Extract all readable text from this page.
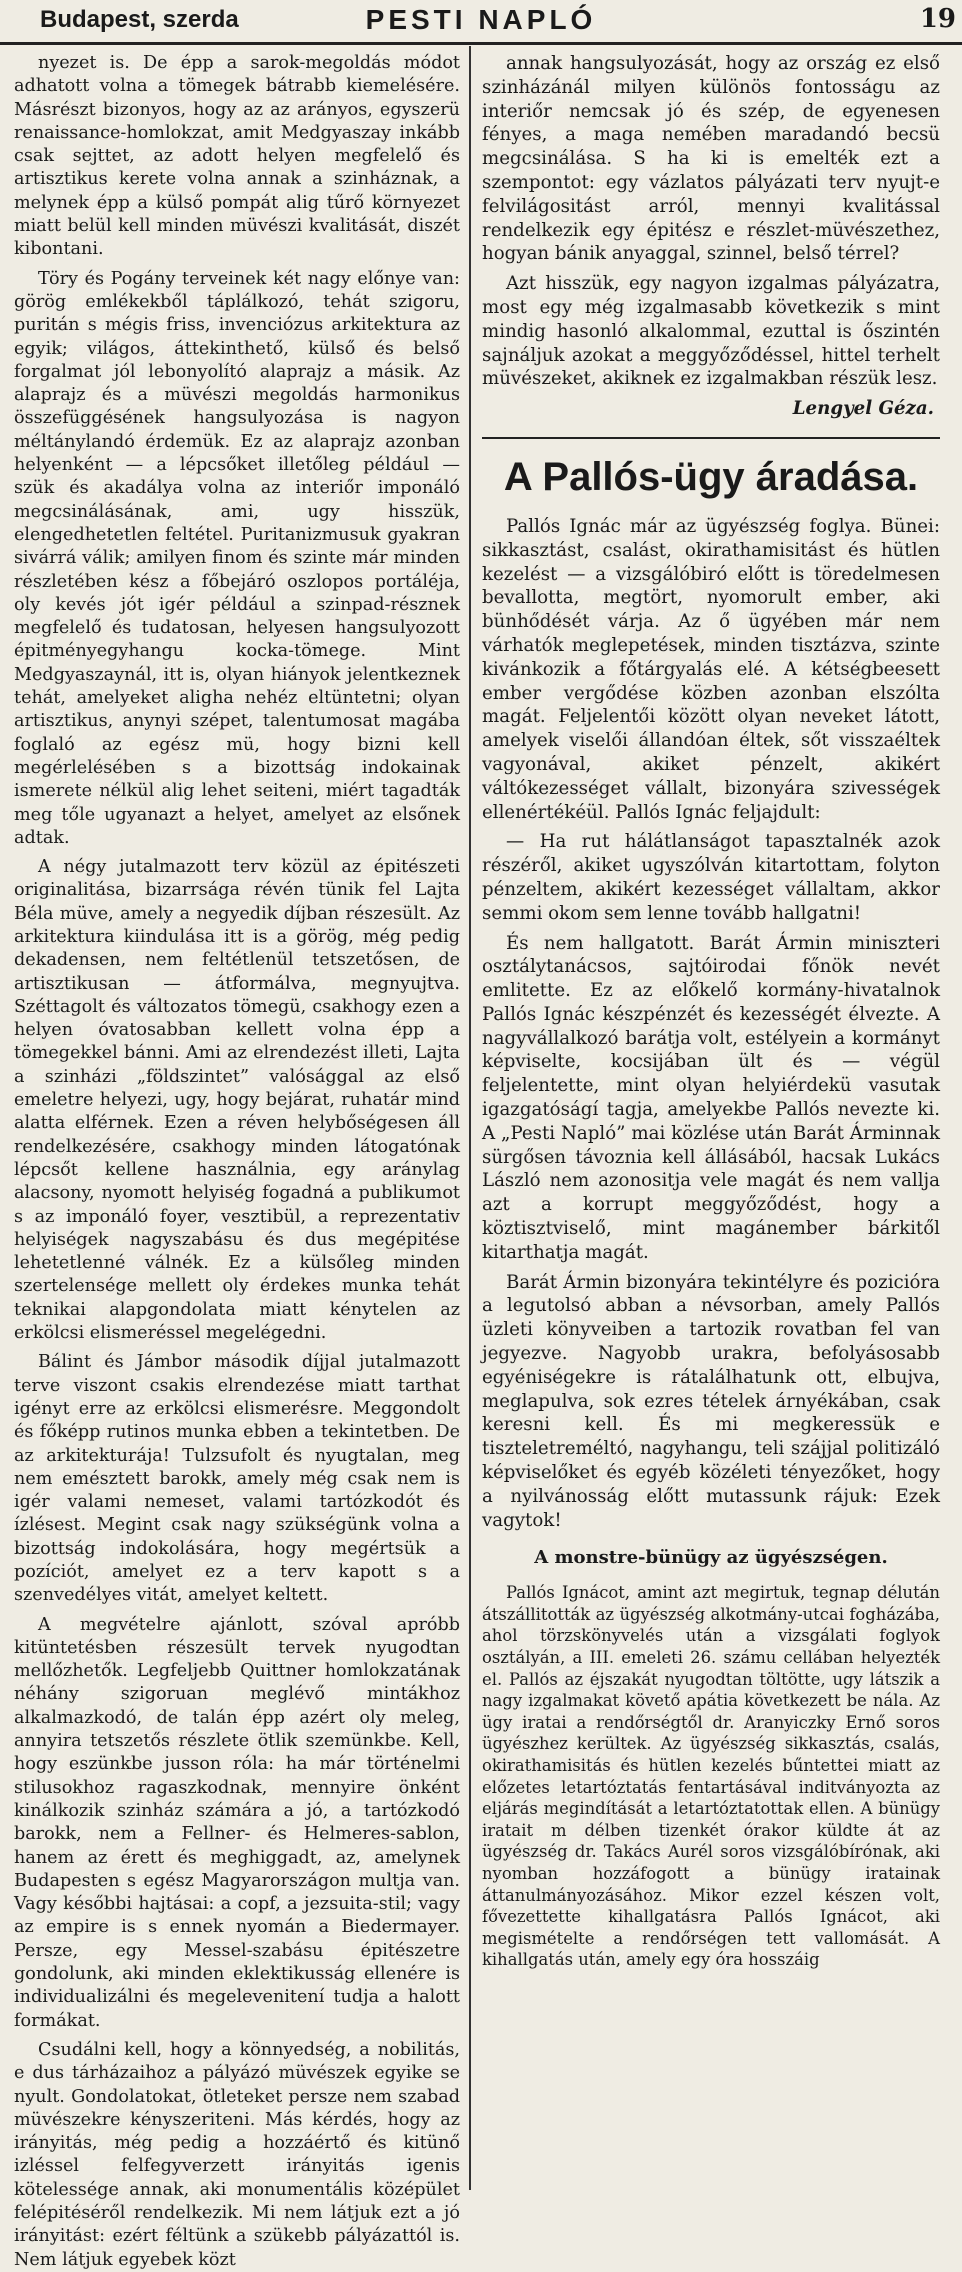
Budapest, szerda	PESTI NAPLÓ	19

nyezet is. De épp a sarok-megoldás módot adhatott volna a tömegek bátrabb kiemelésére. Másrészt bizonyos, hogy az az arányos, egyszerü renaissance-homlokzat, amit Medgyaszay inkább csak sejttet, az adott helyen megfelelő és artisztikus kerete volna annak a szinháznak, a melynek épp a külső pompát alig tűrő környezet miatt belül kell minden müvészi kvalitását, diszét kibontani.

Töry és Pogány terveinek két nagy előnye van: görög emlékekből táplálkozó, tehát szigoru, puritán s mégis friss, invenciózus arkitektura az egyik; világos, áttekinthető, külső és belső forgalmat jól lebonyolító alaprajz a másik. Az alaprajz és a müvészi megoldás harmonikus összefüggésének hangsulyozása is nagyon méltánylandó érdemük. Ez az alaprajz azonban helyenként — a lépcsőket illetőleg például — szük és akadálya volna az interiőr imponáló megcsinálásának, ami, ugy hisszük, elengedhetetlen feltétel. Puritanizmusuk gyakran sivárrá válik; amilyen finom és szinte már minden részletében kész a főbejáró oszlopos portáléja, oly kevés jót igér például a szinpad-résznek megfelelő és tudatosan, helyesen hangsulyozott épitményegyhangu kocka-tömege. Mint Medgyaszaynál, itt is, olyan hiányok jelentkeznek tehát, amelyeket aligha nehéz eltüntetni; olyan artisztikus, anynyi szépet, talentumosat magába foglaló az egész mü, hogy bizni kell megérlelésében s a bizottság indokainak ismerete nélkül alig lehet seiteni, miért tagadták meg tőle ugyanazt a helyet, amelyet az elsőnek adtak.

A négy jutalmazott terv közül az épitészeti originalitása, bizarrsága révén tünik fel Lajta Béla müve, amely a negyedik díjban részesült. Az arkitektura kiindulása itt is a görög, még pedig dekadensen, nem feltétlenül tetszetősen, de artisztikusan — átformálva, megnyujtva. Széttagolt és változatos tömegü, csakhogy ezen a helyen óvatosabban kellett volna épp a tömegekkel bánni. Ami az elrendezést illeti, Lajta a szinházi „földszintet” valósággal az első emeletre helyezi, ugy, hogy bejárat, ruhatár mind alatta elférnek. Ezen a réven helybőségesen áll rendelkezésére, csakhogy minden látogatónak lépcsőt kellene használnia, egy aránylag alacsony, nyomott helyiség fogadná a publikumot s az imponáló foyer, vesztibül, a reprezentativ helyiségek nagyszabásu és dus megépitése lehetetlenné válnék. Ez a külsőleg minden szertelensége mellett oly érdekes munka tehát teknikai alapgondolata miatt kénytelen az erkölcsi elismeréssel megelégedni.

Bálint és Jámbor második díjjal jutalmazott terve viszont csakis elrendezése miatt tarthat igényt erre az erkölcsi elismerésre. Meggondolt és főképp rutinos munka ebben a tekintetben. De az arkitekturája! Tulzsufolt és nyugtalan, meg nem emésztett barokk, amely még csak nem is igér valami nemeset, valami tartózkodót és ízlésest. Megint csak nagy szükségünk volna a bizottság indokolására, hogy megértsük a pozíciót, amelyet ez a terv kapott s a szenvedélyes vitát, amelyet keltett.

A megvételre ajánlott, szóval apróbb kitüntetésben részesült tervek nyugodtan mellőzhetők. Legfeljebb Quittner homlokzatának néhány szigoruan meglévő mintákhoz alkalmazkodó, de talán épp azért oly meleg, annyira tetszetős részlete ötlik szemünkbe. Kell, hogy eszünkbe jusson róla: ha már történelmi stilusokhoz ragaszkodnak, mennyire önként kinálkozik szinház számára a jó, a tartózkodó barokk, nem a Fellner- és Helmeres-sablon, hanem az érett és meghiggadt, az, amelynek Budapesten s egész Magyarországon multja van. Vagy későbbi hajtásai: a copf, a jezsuita-stil; vagy az empire is s ennek nyomán a Biedermayer. Persze, egy Messel-szabásu épitészetre gondolunk, aki minden eklektikusság ellenére is individualizálni és megelevenitení tudja a halott formákat.

Csudálni kell, hogy a könnyedség, a nobilitás, e dus tárházaihoz a pályázó müvészek egyike se nyult. Gondolatokat, ötleteket persze nem szabad müvészekre kényszeriteni. Más kérdés, hogy az irányitás, még pedig a hozzáértő és kitünő izléssel felfegyverzett irányitás igenis kötelessége annak, aki monumentális középület felépitéséről rendelkezik. Mi nem látjuk ezt a jó irányitást: ezért féltünk a szükebb pályázattól is. Nem látjuk egyebek közt

annak hangsulyozását, hogy az ország ez első szinházánál milyen különös fontosságu az interiőr nemcsak jó és szép, de egyenesen fényes, a maga nemében maradandó becsü megcsinálása. S ha ki is emelték ezt a szempontot: egy vázlatos pályázati terv nyujt-e felvilágositást arról, mennyi kvalitással rendelkezik egy épitész e részlet-müvészethez, hogyan bánik anyaggal, szinnel, belső térrel?

Azt hisszük, egy nagyon izgalmas pályázatra, most egy még izgalmasabb következik s mint mindig hasonló alkalommal, ezuttal is őszintén sajnáljuk azokat a meggyőződéssel, hittel terhelt müvészeket, akiknek ez izgalmakban részük lesz.

Lengyel Géza.
A Pallós-ügy áradása.

Pallós Ignác már az ügyészség foglya. Bünei: sikkasztást, csalást, okirathamisitást és hütlen kezelést — a vizsgálóbiró előtt is töredelmesen bevallotta, megtört, nyomorult ember, aki bünhődését várja. Az ő ügyében már nem várhatók meglepetések, minden tisztázva, szinte kivánkozik a főtárgyalás elé. A kétségbeesett ember vergődése közben azonban elszólta magát. Feljelentői között olyan neveket látott, amelyek viselői állandóan éltek, sőt visszaéltek vagyonával, akiket pénzelt, akikért váltókezességet vállalt, bizonyára szivességek ellenértékéül. Pallós Ignác feljajdult:

— Ha rut hálátlanságot tapasztalnék azok részéről, akiket ugyszólván kitartottam, folyton pénzeltem, akikért kezességet vállaltam, akkor semmi okom sem lenne tovább hallgatni!

És nem hallgatott. Barát Ármin miniszteri osztálytanácsos, sajtóirodai főnök nevét emlitette. Ez az előkelő kormány-hivatalnok Pallós Ignác készpénzét és kezességét élvezte. A nagyvállalkozó barátja volt, estélyein a kormányt képviselte, kocsijában ült és — végül feljelentette, mint olyan helyiérdekü vasutak igazgatóságí tagja, amelyekbe Pallós nevezte ki. A „Pesti Napló” mai közlése után Barát Árminnak sürgősen távoznia kell állásából, hacsak Lukács László nem azonositja vele magát és nem vallja azt a korrupt meggyőződést, hogy a köztisztviselő, mint magánember bárkitől kitarthatja magát.

Barát Ármin bizonyára tekintélyre és pozicióra a legutolsó abban a névsorban, amely Pallós üzleti könyveiben a tartozik rovatban fel van jegyezve. Nagyobb urakra, befolyásosabb egyéniségekre is rátalálhatunk ott, elbujva, meglapulva, sok ezres tételek árnyékában, csak keresni kell. És mi megkeressük e tiszteletreméltó, nagyhangu, teli szájjal politizáló képviselőket és egyéb közéleti tényezőket, hogy a nyilvánosság előtt mutassunk rájuk: Ezek vagytok!

A monstre-bünügy az ügyészségen.

Pallós Ignácot, amint azt megirtuk, tegnap délután átszállitották az ügyészség alkotmány-utcai fogházába, ahol törzskönyvelés után a vizsgálati foglyok osztályán, a III. emeleti 26. számu cellában helyezték el. Pallós az éjszakát nyugodtan töltötte, ugy látszik a nagy izgalmakat követő apátia következett be nála. Az ügy iratai a rendőrségtől dr. Aranyiczky Ernő soros ügyészhez kerültek. Az ügyészség sikkasztás, csalás, okirathamisitás és hütlen kezelés bűntettei miatt az előzetes letartóztatás fentartásával inditványozta az eljárás megindítását a letartóztatottak ellen. A bünügy iratait m délben tizenkét órakor küldte át az ügyészség dr. Takács Aurél soros vizsgálóbírónak, aki nyomban hozzáfogott a bünügy iratainak áttanulmányozásához. Mikor ezzel készen volt, fővezettette kihallgatásra Pallós Ignácot, aki megismételte a rendőrségen tett vallomását. A kihallgatás után, amely egy óra hosszáig
